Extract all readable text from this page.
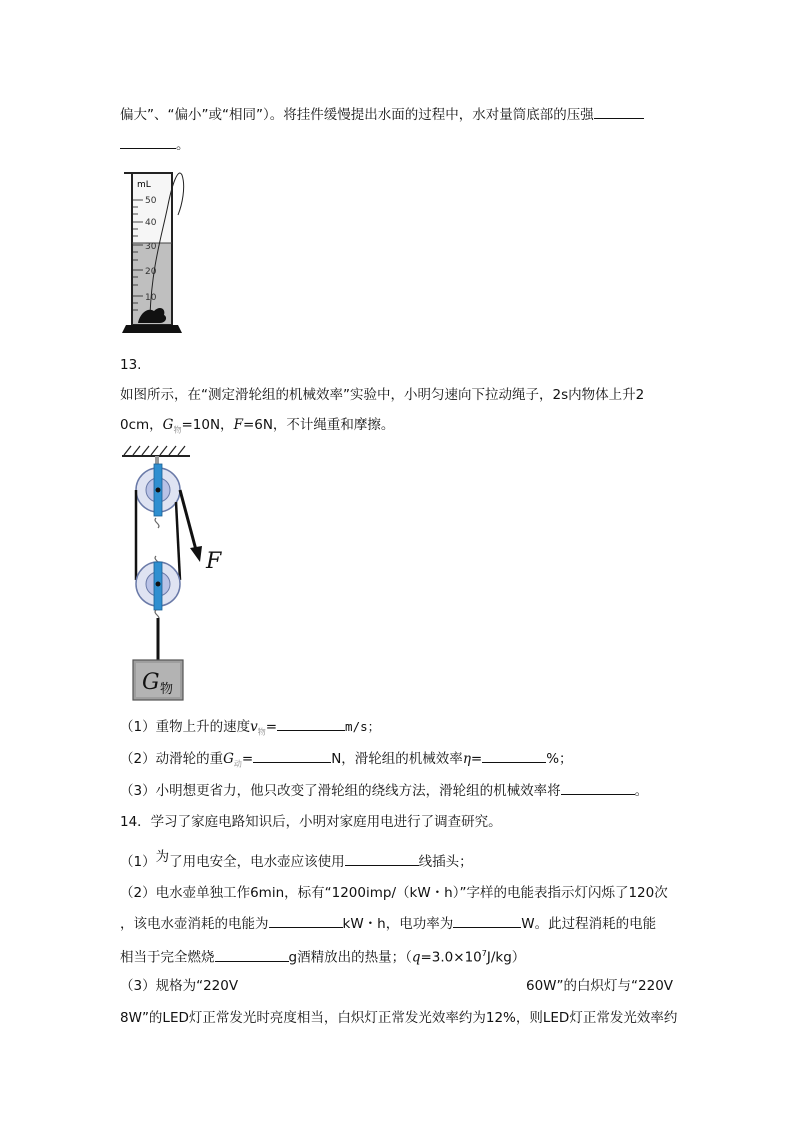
偏大”、“偏小”或“相同”）。将挂件缓慢提出水面的过程中，水对量筒底部的压强
。
mL
50
40
30
20
10
13.
如图所示，在“测定滑轮组的机械效率”实验中，小明匀速向下拉动绳子，2s内物体上升2
0cm，$G_物=10N$，F=6N，不计绳重和摩擦。
G 物
F
（1）重物上升的速度$v_物=$	m/s；
（2）动滑轮的重$G_动=$	N，滑轮组的机械效率η=	%；
（3）小明想更省力，他只改变了滑轮组的绕线方法，滑轮组的机械效率将	。
14．学习了家庭电路知识后，小明对家庭用电进行了调查研究。
（1）为了用电安全，电水壶应该使用	线插头；
（2）电水壶单独工作6min，标有“1200imp/（kW・h）”字样的电能表指示灯闪烁了120次
，该电水壶消耗的电能为	kW・h，电功率为	W。此过程消耗的电能
相当于完全燃烧	g酒精放出的热量；$(q=3.0\times 10^7J/kg)$
（3）规格为“220V	60W”的白炽灯与“220V
8W”的LED灯正常发光时亮度相当，白炽灯正常发光效率约为12%，则LED灯正常发光效率约
